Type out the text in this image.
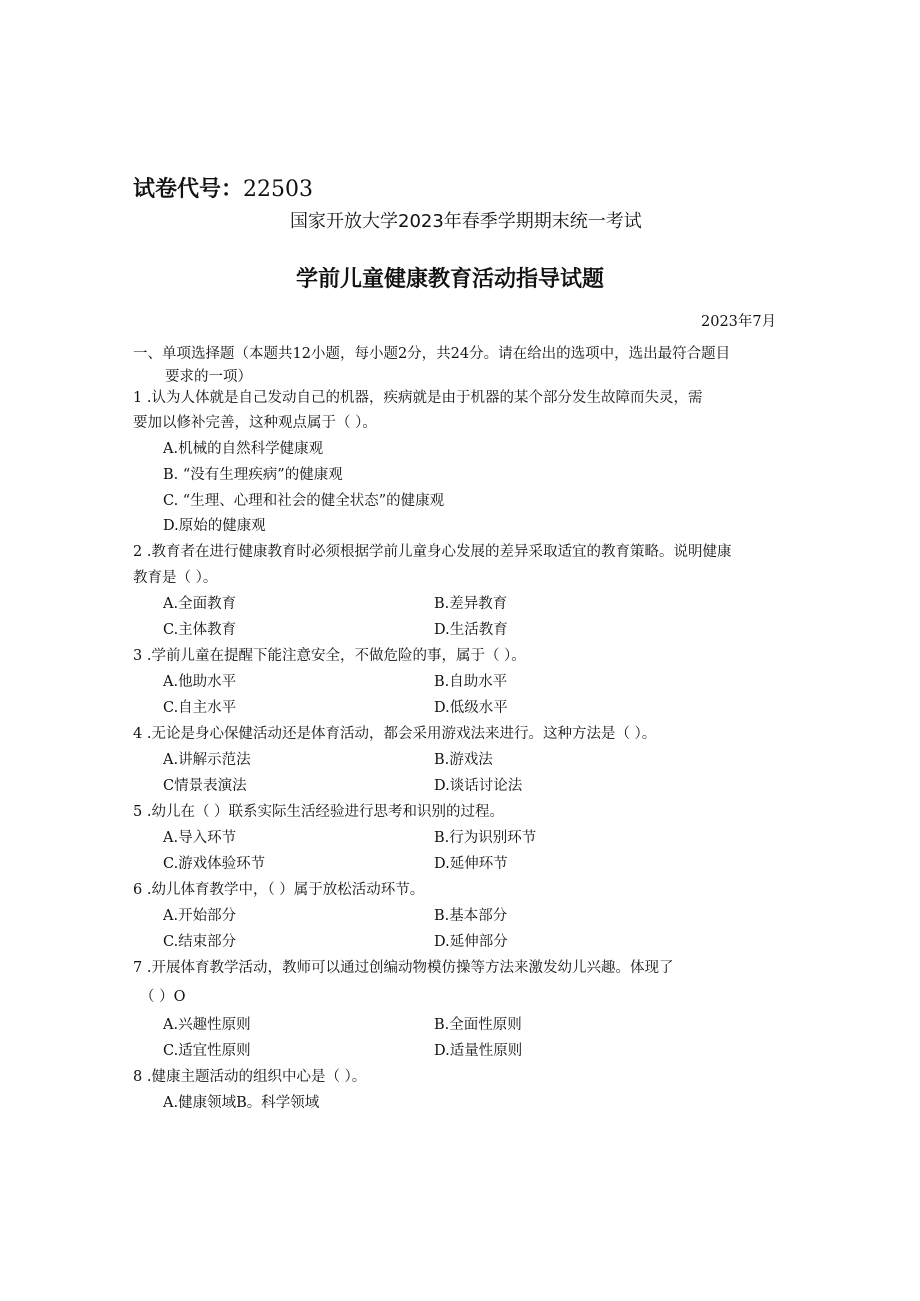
试卷代号：22503
国家开放大学2023年春季学期期末统一考试
学前儿童健康教育活动指导试题
2023年7月
一、单项选择题（本题共12小题，每小题2分，共24分。请在给出的选项中，选出最符合题目
要求的一项）
1 .认为人体就是自己发动自己的机器，疾病就是由于机器的某个部分发生故障而失灵，需
要加以修补完善，这种观点属于（ ）。
A.机械的自然科学健康观
B. “没有生理疾病”的健康观
C. “生理、心理和社会的健全状态”的健康观
D.原始的健康观
2 .教育者在进行健康教育时必须根据学前儿童身心发展的差异采取适宜的教育策略。说明健康
教育是（ ）。
A.全面教育	B.差异教育
C.主体教育	D.生活教育
3 .学前儿童在提醒下能注意安全，不做危险的事，属于（ ）。
A.他助水平	B.自助水平
C.自主水平	D.低级水平
4 .无论是身心保健活动还是体育活动，都会采用游戏法来进行。这种方法是（ ）。
A.讲解示范法	B.游戏法
C情景表演法	D.谈话讨论法
5 .幼儿在（ ）联系实际生活经验进行思考和识别的过程。
A.导入环节	B.行为识别环节
C.游戏体验环节	D.延伸环节
6 .幼儿体育教学中，（ ）属于放松活动环节。
A.开始部分	B.基本部分
C.结束部分	D.延伸部分
7 .开展体育教学活动，教师可以通过创编动物模仿操等方法来激发幼儿兴趣。体现了
（ ）O
A.兴趣性原则	B.全面性原则
C.适宜性原则	D.适量性原则
8 .健康主题活动的组织中心是（ ）。
A.健康领域B。科学领域
